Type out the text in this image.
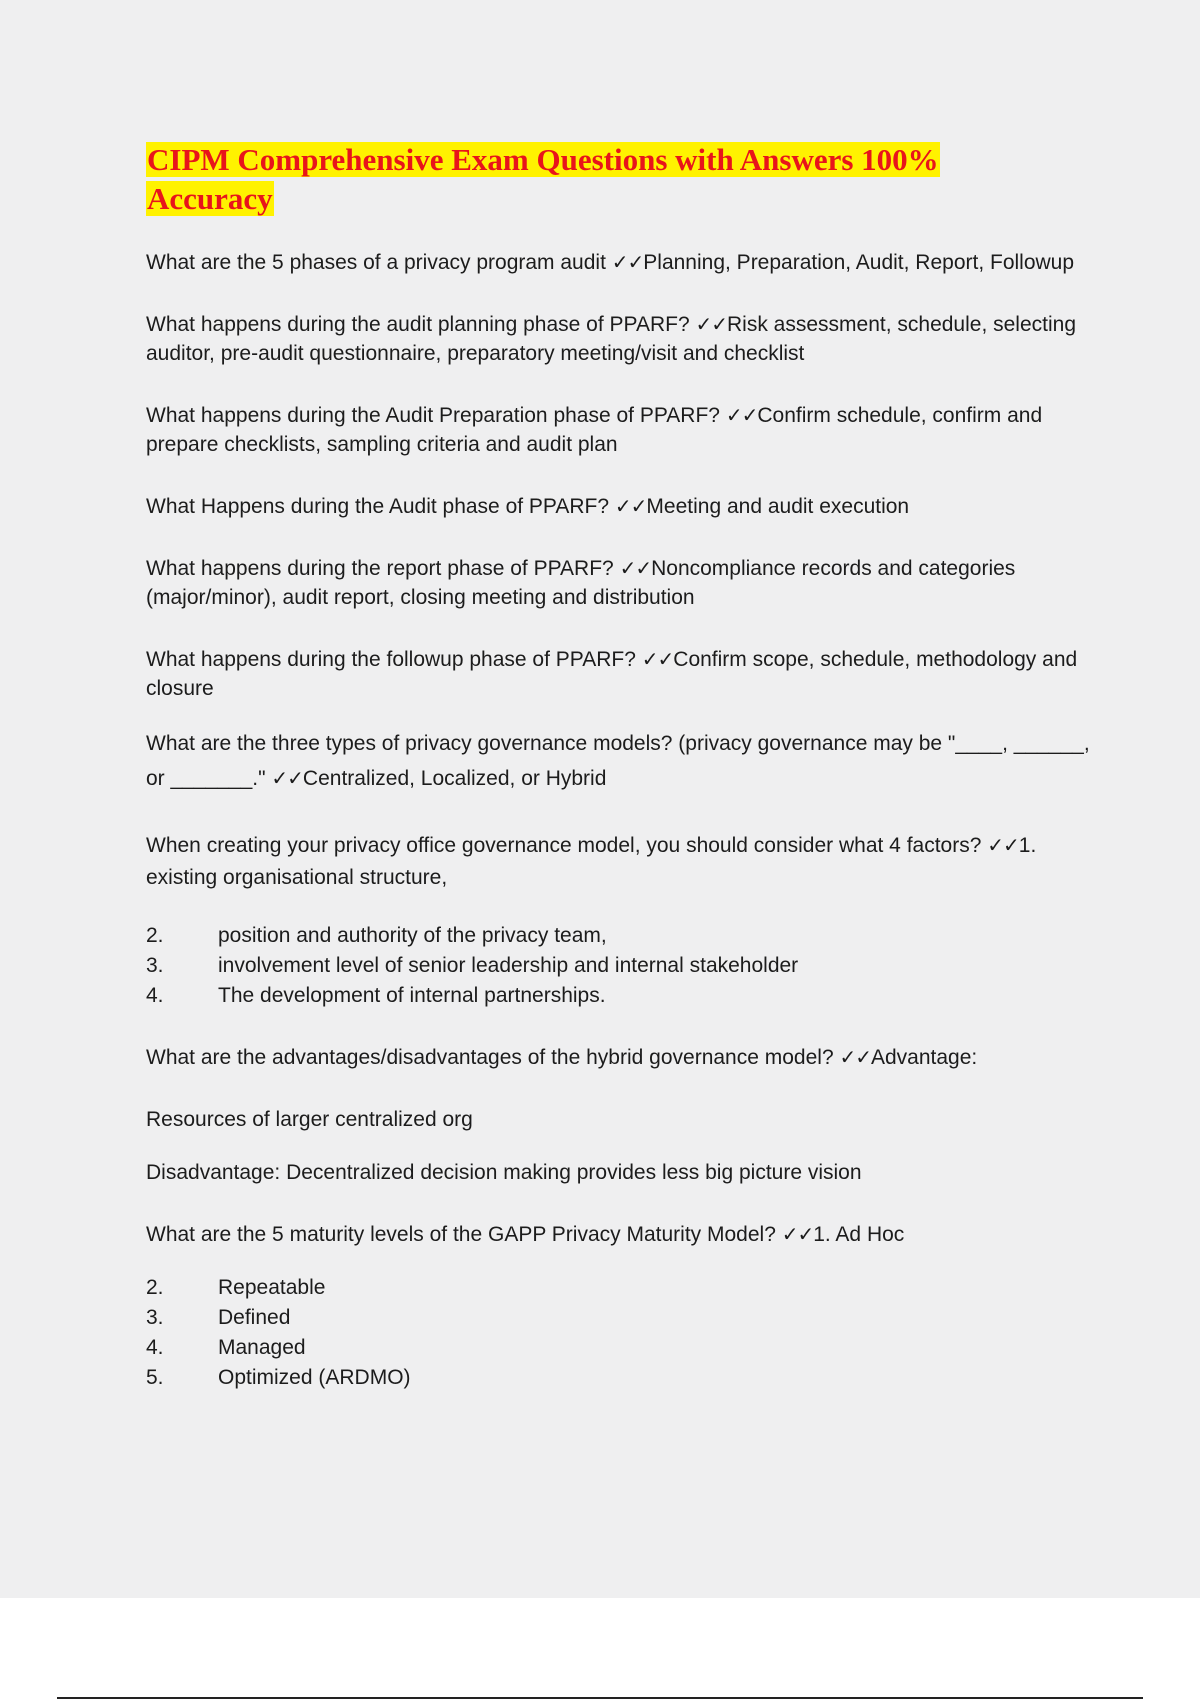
CIPM Comprehensive Exam Questions with Answers 100% Accuracy

What are the 5 phases of a privacy program audit ✓✓Planning, Preparation, Audit, Report, Followup

What happens during the audit planning phase of PPARF? ✓✓Risk assessment, schedule, selecting auditor, pre-audit questionnaire, preparatory meeting/visit and checklist

What happens during the Audit Preparation phase of PPARF? ✓✓Confirm schedule, confirm and prepare checklists, sampling criteria and audit plan

What Happens during the Audit phase of PPARF? ✓✓Meeting and audit execution

What happens during the report phase of PPARF? ✓✓Noncompliance records and categories (major/minor), audit report, closing meeting and distribution

What happens during the followup phase of PPARF? ✓✓Confirm scope, schedule, methodology and closure

What are the three types of privacy governance models? (privacy governance may be "____, ______, or _______." ✓✓Centralized, Localized, or Hybrid

When creating your privacy office governance model, you should consider what 4 factors? ✓✓1. existing organisational structure,

2.	position and authority of the privacy team,
3.	involvement level of senior leadership and internal stakeholder
4.	The development of internal partnerships.

What are the advantages/disadvantages of the hybrid governance model? ✓✓Advantage:

Resources of larger centralized org

Disadvantage: Decentralized decision making provides less big picture vision

What are the 5 maturity levels of the GAPP Privacy Maturity Model? ✓✓1. Ad Hoc

2.	Repeatable
3.	Defined
4.	Managed
5.	Optimized (ARDMO)
